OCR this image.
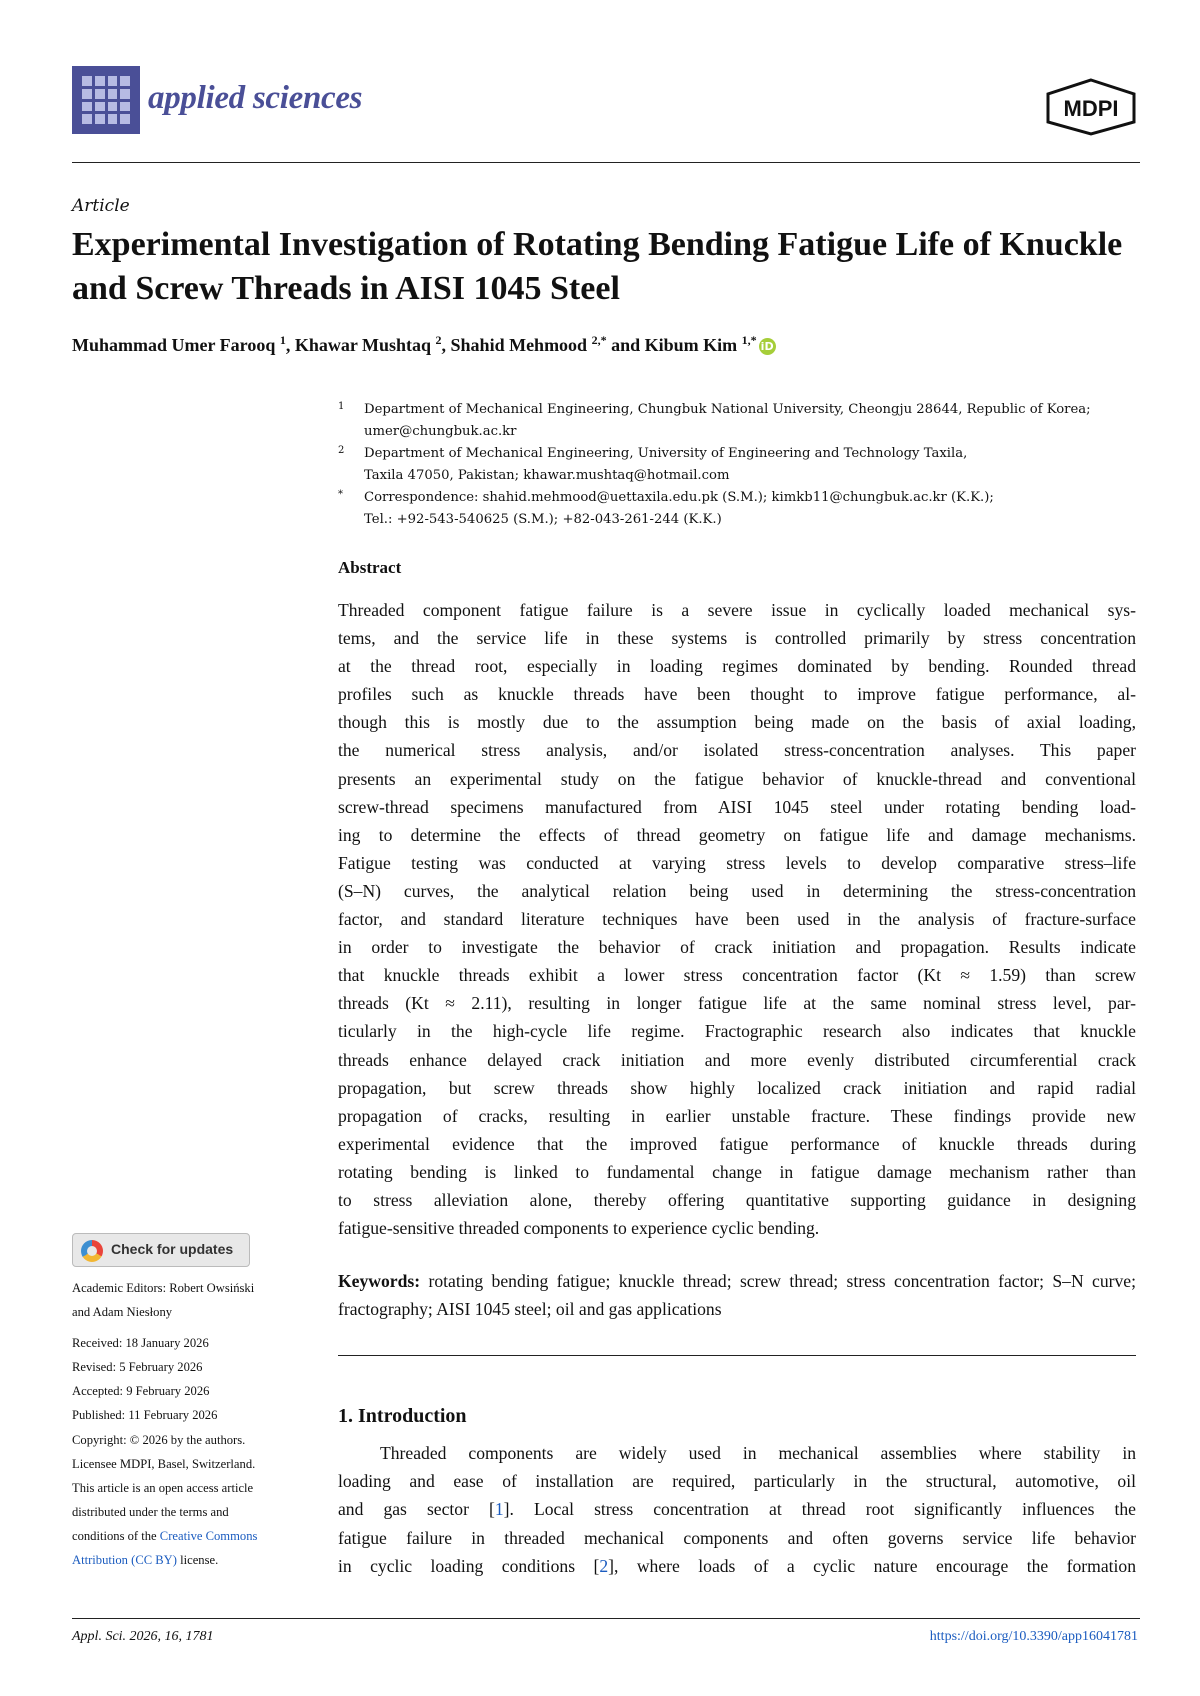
applied sciences	MDPI
Article
Experimental Investigation of Rotating Bending Fatigue Life of Knuckle and Screw Threads in AISI 1045 Steel
Muhammad Umer Farooq $^1$, Khawar Mushtaq $^2$, Shahid Mehmood $^{2,*}$ and Kibum Kim $^{1,*}$ iD
1 Department of Mechanical Engineering, Chungbuk National University, Cheongju 28644, Republic of Korea;
umer@chungbuk.ac.kr
2 Department of Mechanical Engineering, University of Engineering and Technology Taxila,
Taxila 47050, Pakistan; khawar.mushtaq@hotmail.com
* Correspondence: shahid.mehmood@uettaxila.edu.pk (S.M.); kimkb11@chungbuk.ac.kr (K.K.);
Tel.: +92-543-540625 (S.M.); +82-043-261-244 (K.K.)
Abstract
Threaded component fatigue failure is a severe issue in cyclically loaded mechanical sys-
tems, and the service life in these systems is controlled primarily by stress concentration
at the thread root, especially in loading regimes dominated by bending. Rounded thread
profiles such as knuckle threads have been thought to improve fatigue performance, al-
though this is mostly due to the assumption being made on the basis of axial loading,
the numerical stress analysis, and/or isolated stress-concentration analyses. This paper
presents an experimental study on the fatigue behavior of knuckle-thread and conventional
screw-thread specimens manufactured from AISI 1045 steel under rotating bending load-
ing to determine the effects of thread geometry on fatigue life and damage mechanisms.
Fatigue testing was conducted at varying stress levels to develop comparative stress–life
(S–N) curves, the analytical relation being used in determining the stress-concentration
factor, and standard literature techniques have been used in the analysis of fracture-surface
in order to investigate the behavior of crack initiation and propagation. Results indicate
that knuckle threads exhibit a lower stress concentration factor (Kt ≈ 1.59) than screw
threads (Kt ≈ 2.11), resulting in longer fatigue life at the same nominal stress level, par-
ticularly in the high-cycle life regime. Fractographic research also indicates that knuckle
threads enhance delayed crack initiation and more evenly distributed circumferential crack
propagation, but screw threads show highly localized crack initiation and rapid radial
propagation of cracks, resulting in earlier unstable fracture. These findings provide new
experimental evidence that the improved fatigue performance of knuckle threads during
rotating bending is linked to fundamental change in fatigue damage mechanism rather than
to stress alleviation alone, thereby offering quantitative supporting guidance in designing
fatigue-sensitive threaded components to experience cyclic bending.
Keywords: rotating bending fatigue; knuckle thread; screw thread; stress concentration factor; S–N curve; fractography; AISI 1045 steel; oil and gas applications
1. Introduction
Threaded components are widely used in mechanical assemblies where stability in
loading and ease of installation are required, particularly in the structural, automotive, oil
and gas sector [1]. Local stress concentration at thread root significantly influences the
fatigue failure in threaded mechanical components and often governs service life behavior
in cyclic loading conditions [2], where loads of a cyclic nature encourage the formation
Check for updates
Academic Editors: Robert Owsiński
and Adam Niesłony
Received: 18 January 2026
Revised: 5 February 2026
Accepted: 9 February 2026
Published: 11 February 2026
Copyright: © 2026 by the authors.
Licensee MDPI, Basel, Switzerland.
This article is an open access article
distributed under the terms and
conditions of the Creative Commons
Attribution (CC BY) license.
Appl. Sci. 2026, 16, 1781	https://doi.org/10.3390/app16041781
